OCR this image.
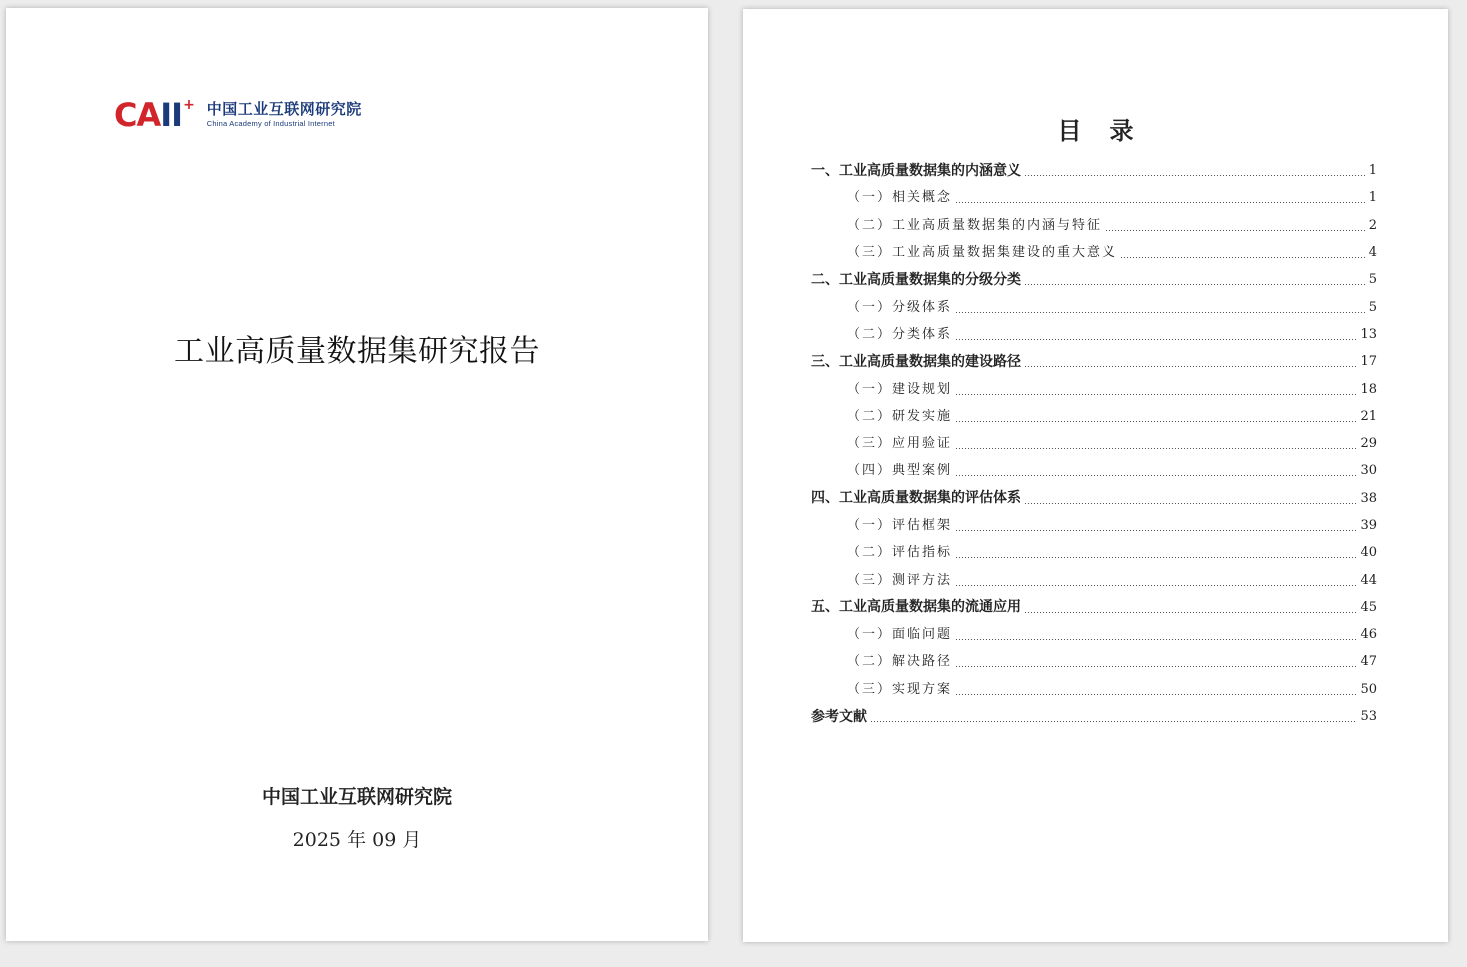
CAII + 中国工业互联网研究院
China Academy of Industrial Internet
工业高质量数据集研究报告
中国工业互联网研究院
2025 年 09 月
目录
一、工业高质量数据集的内涵意义	1
（一）相关概念	1
（二）工业高质量数据集的内涵与特征	2
（三）工业高质量数据集建设的重大意义	4
二、工业高质量数据集的分级分类	5
（一）分级体系	5
（二）分类体系	13
三、工业高质量数据集的建设路径	17
（一）建设规划	18
（二）研发实施	21
（三）应用验证	29
（四）典型案例	30
四、工业高质量数据集的评估体系	38
（一）评估框架	39
（二）评估指标	40
（三）测评方法	44
五、工业高质量数据集的流通应用	45
（一）面临问题	46
（二）解决路径	47
（三）实现方案	50
参考文献	53
